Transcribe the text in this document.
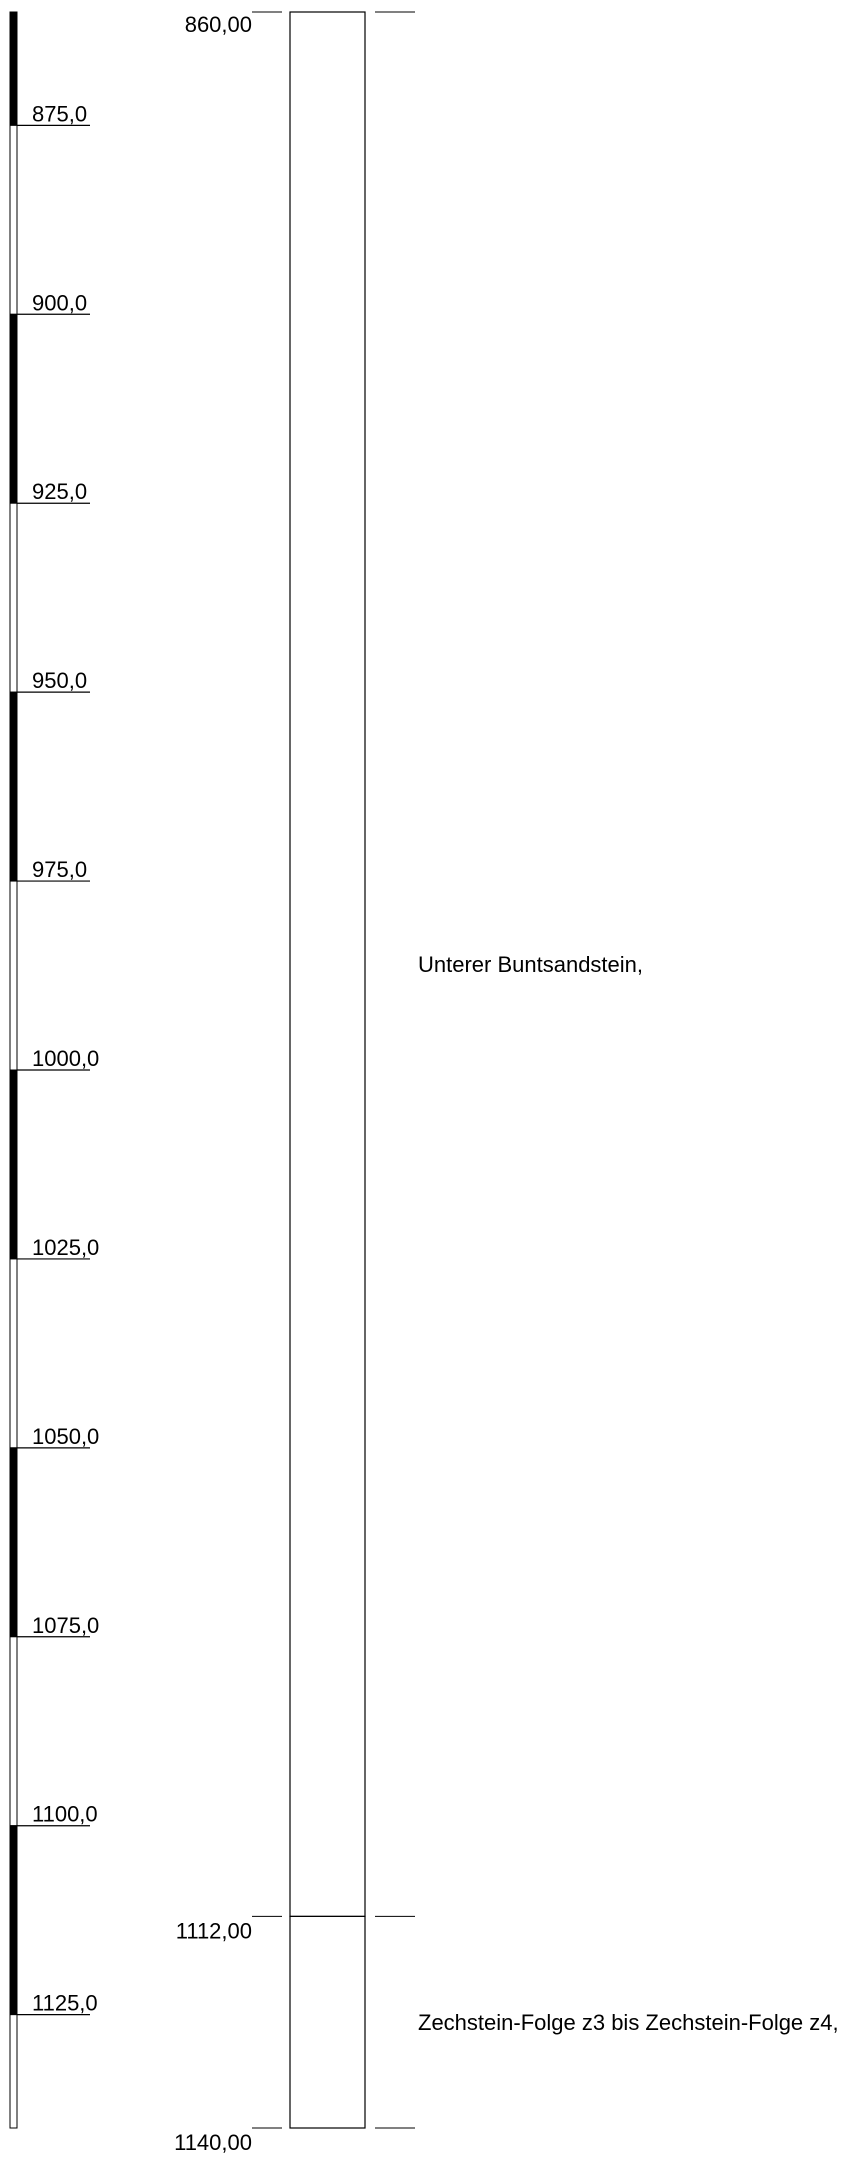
875,0
900,0
925,0
950,0
975,0
1000,0
1025,0
1050,0
1075,0
1100,0
1125,0
Unterer Buntsandstein,
Zechstein-Folge z3 bis Zechstein-Folge z4,
860,00
1112,00
1140,00
